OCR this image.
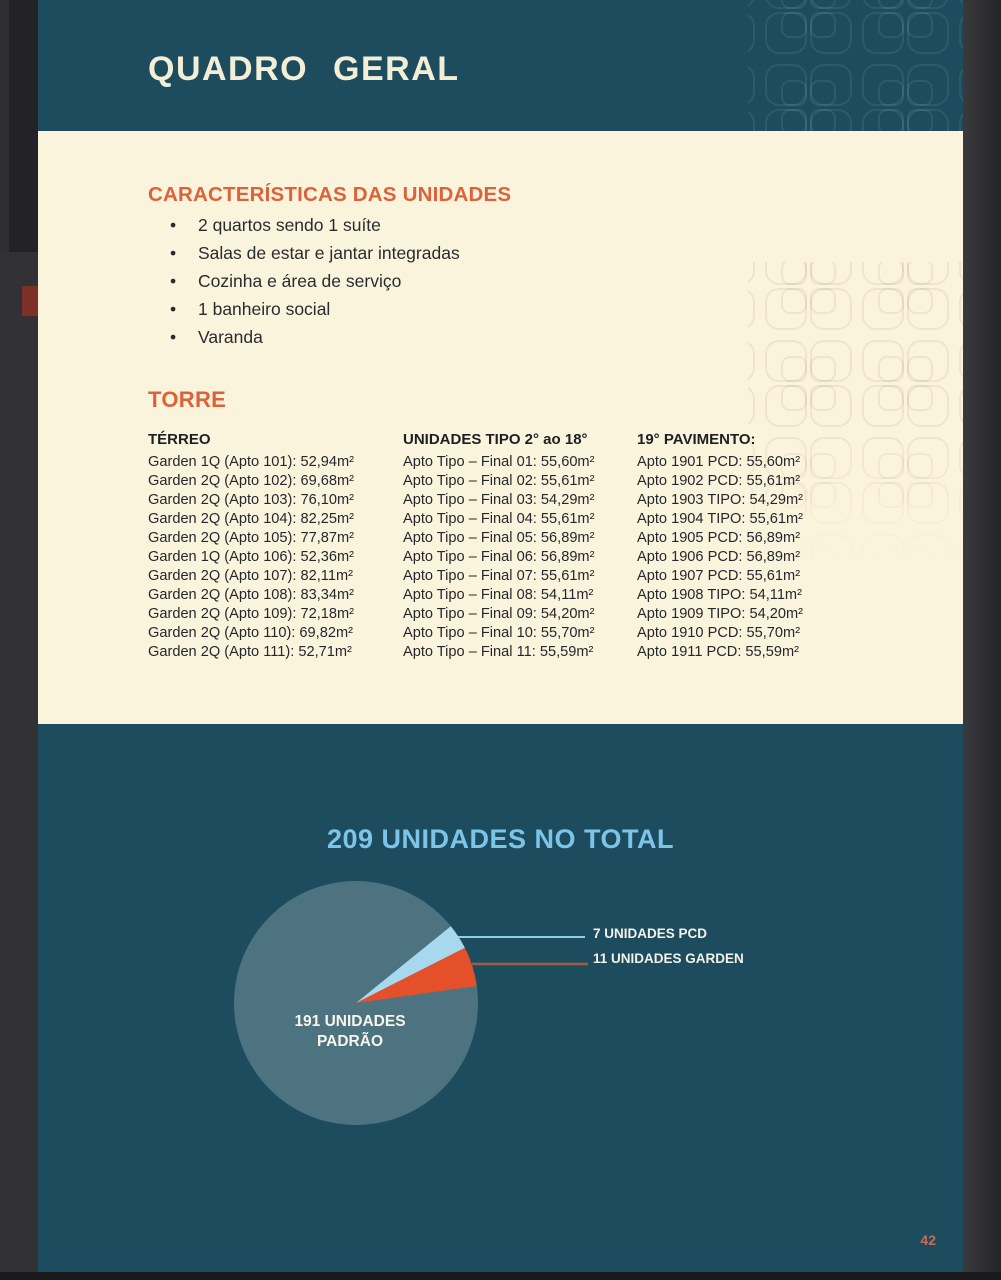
QUADRO GERAL
CARACTERÍSTICAS DAS UNIDADES
• 2 quartos sendo 1 suíte
• Salas de estar e jantar integradas
• Cozinha e área de serviço
• 1 banheiro social
• Varanda
TORRE
TÉRREO
Garden 1Q (Apto 101): 52,94m²
Garden 2Q (Apto 102): 69,68m²
Garden 2Q (Apto 103): 76,10m²
Garden 2Q (Apto 104): 82,25m²
Garden 2Q (Apto 105): 77,87m²
Garden 1Q (Apto 106): 52,36m²
Garden 2Q (Apto 107): 82,11m²
Garden 2Q (Apto 108): 83,34m²
Garden 2Q (Apto 109): 72,18m²
Garden 2Q (Apto 110): 69,82m²
Garden 2Q (Apto 111): 52,71m²
UNIDADES TIPO 2° ao 18°
Apto Tipo – Final 01: 55,60m²
Apto Tipo – Final 02: 55,61m²
Apto Tipo – Final 03: 54,29m²
Apto Tipo – Final 04: 55,61m²
Apto Tipo – Final 05: 56,89m²
Apto Tipo – Final 06: 56,89m²
Apto Tipo – Final 07: 55,61m²
Apto Tipo – Final 08: 54,11m²
Apto Tipo – Final 09: 54,20m²
Apto Tipo – Final 10: 55,70m²
Apto Tipo – Final 11: 55,59m²
19° PAVIMENTO:
Apto 1901 PCD: 55,60m²
Apto 1902 PCD: 55,61m²
Apto 1903 TIPO: 54,29m²
Apto 1904 TIPO: 55,61m²
Apto 1905 PCD: 56,89m²
Apto 1906 PCD: 56,89m²
Apto 1907 PCD: 55,61m²
Apto 1908 TIPO: 54,11m²
Apto 1909 TIPO: 54,20m²
Apto 1910 PCD: 55,70m²
Apto 1911 PCD: 55,59m²
209 UNIDADES NO TOTAL
7 UNIDADES PCD
11 UNIDADES GARDEN
191 UNIDADES
PADRÃO
42
